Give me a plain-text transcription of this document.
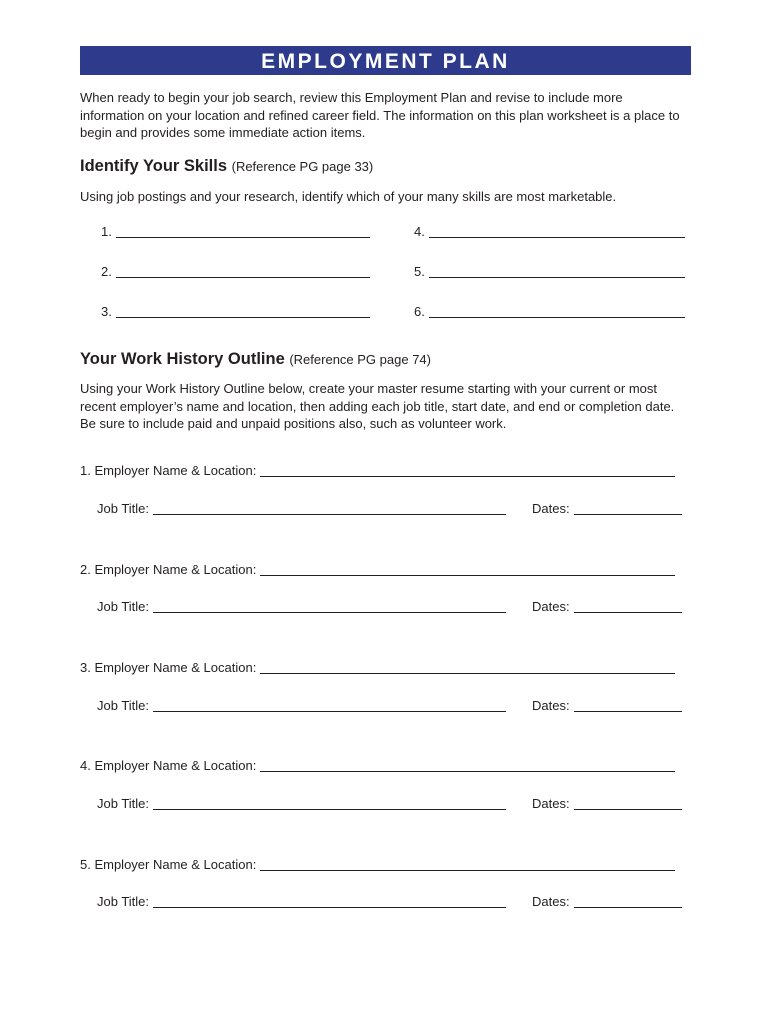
EMPLOYMENT PLAN

When ready to begin your job search, review this Employment Plan and revise to include more information on your location and refined career field. The information on this plan worksheet is a place to begin and provides some immediate action items.

Identify Your Skills (Reference PG page 33)

Using job postings and your research, identify which of your many skills are most marketable.

1.
2.
3.
4.
5.
6.
Your Work History Outline (Reference PG page 74)

Using your Work History Outline below, create your master resume starting with your current or most recent employer’s name and location, then adding each job title, start date, and end or completion date. Be sure to include paid and unpaid positions also, such as volunteer work.

1. Employer Name & Location:
Job Title:	Dates:
2. Employer Name & Location:
Job Title:	Dates:
3. Employer Name & Location:
Job Title:	Dates:
4. Employer Name & Location:
Job Title:	Dates:
5. Employer Name & Location:
Job Title:	Dates:
